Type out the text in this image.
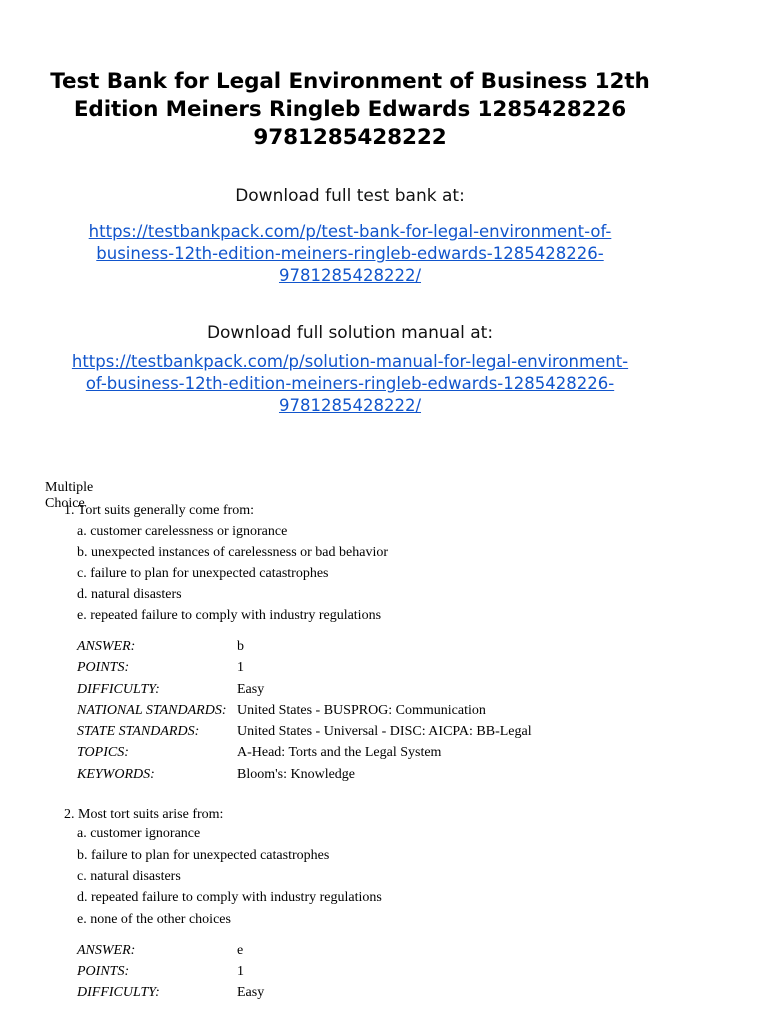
Test Bank for Legal Environment of Business 12th
Edition Meiners Ringleb Edwards 1285428226
9781285428222
Download full test bank at:
https://testbankpack.com/p/test-bank-for-legal-environment-of-
business-12th-edition-meiners-ringleb-edwards-1285428226-
9781285428222/
Download full solution manual at:
https://testbankpack.com/p/solution-manual-for-legal-environment-
of-business-12th-edition-meiners-ringleb-edwards-1285428226-
9781285428222/
Multiple Choice
1. Tort suits generally come from:
a. customer carelessness or ignorance
b. unexpected instances of carelessness or bad behavior
c. failure to plan for unexpected catastrophes
d. natural disasters
e. repeated failure to comply with industry regulations
ANSWER:	b
POINTS:	1
DIFFICULTY:	Easy
NATIONAL STANDARDS: United States - BUSPROG: Communication
STATE STANDARDS:	United States - Universal - DISC: AICPA: BB-Legal
TOPICS:	A-Head: Torts and the Legal System
KEYWORDS:	Bloom's: Knowledge
2. Most tort suits arise from:
a. customer ignorance
b. failure to plan for unexpected catastrophes
c. natural disasters
d. repeated failure to comply with industry regulations
e. none of the other choices
ANSWER:	e
POINTS:	1
DIFFICULTY:	Easy
